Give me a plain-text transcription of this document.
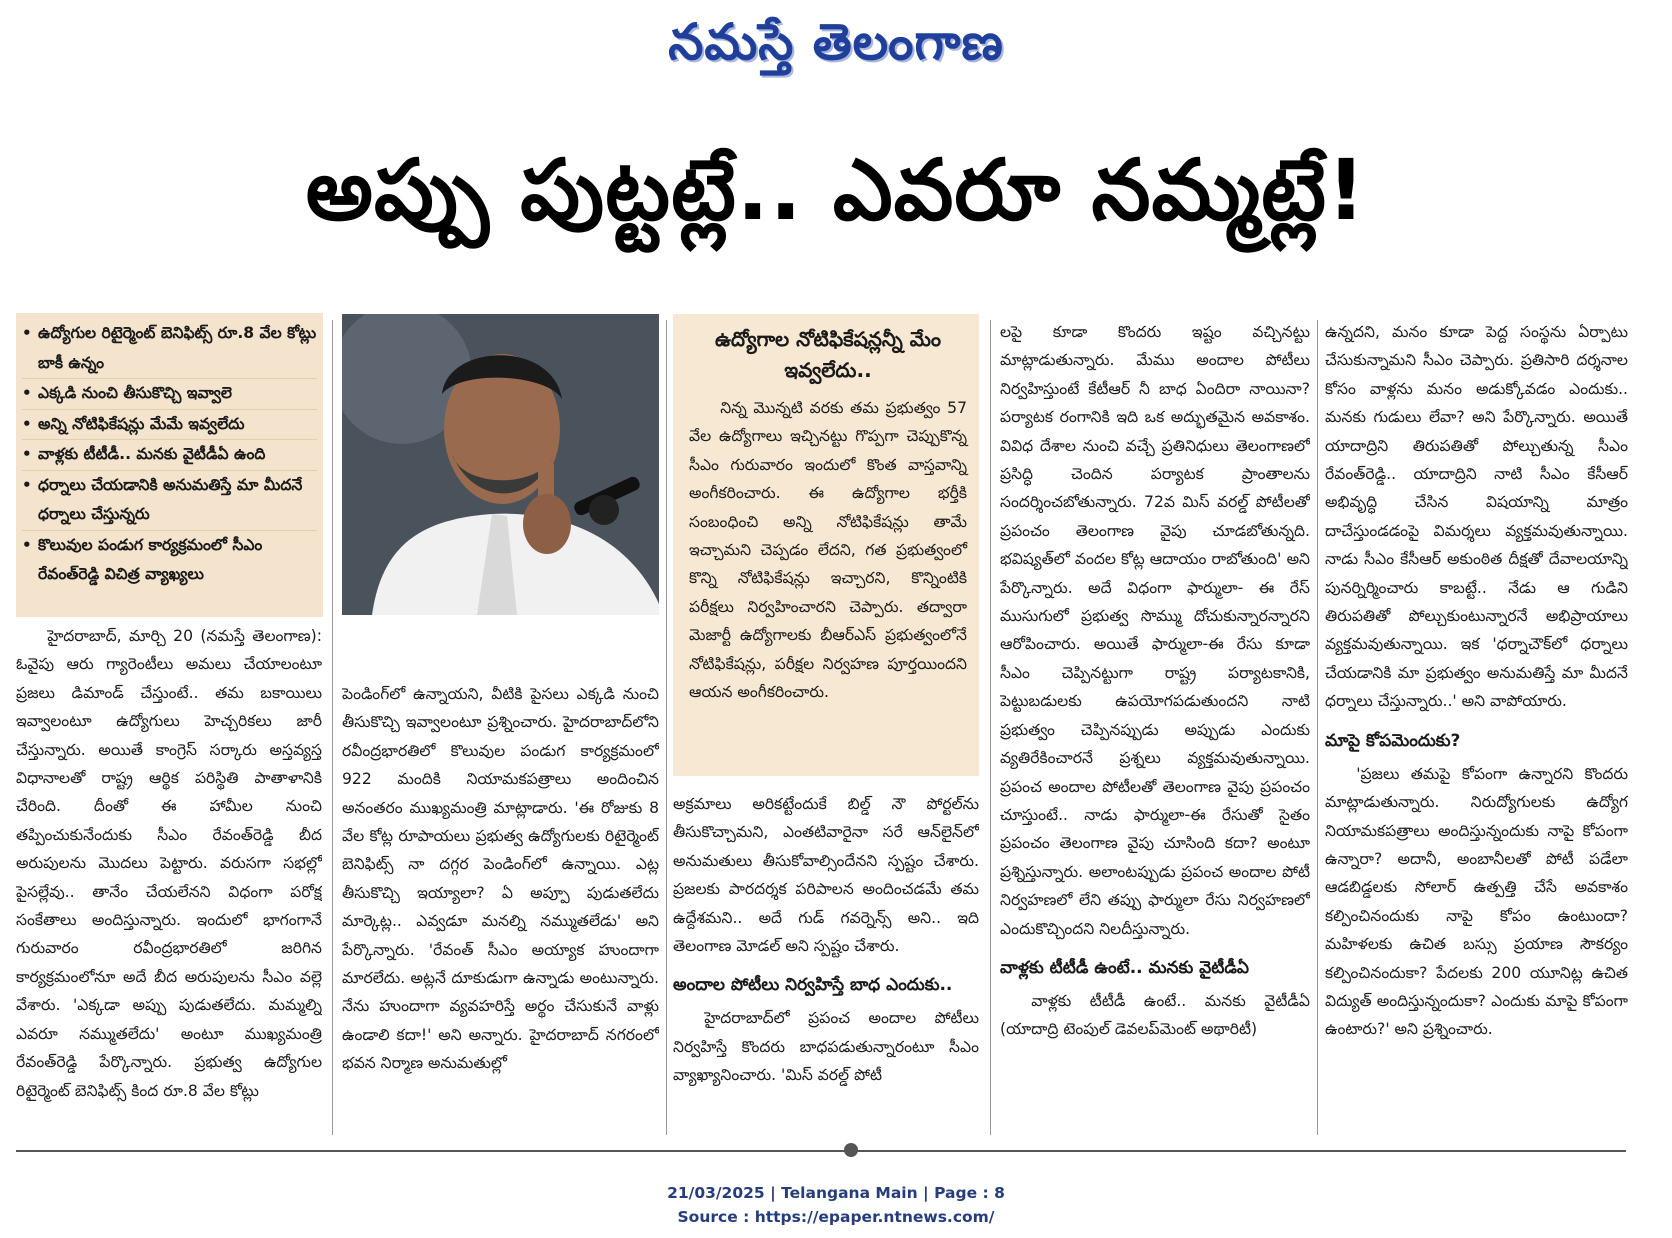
నమస్తే తెలంగాణ
అప్పు పుట్టట్లే.. ఎవరూ నమ్మట్లే!
• ఉద్యోగుల రిటైర్మెంట్ బెనిఫిట్స్ రూ.8 వేల కోట్లు బాకీ ఉన్నం
• ఎక్కడి నుంచి తీసుకొచ్చి ఇవ్వాలె
• అన్ని నోటిఫికేషన్లు మేమే ఇవ్వలేదు
• వాళ్లకు టీటీడీ.. మనకు వైటీడీఏ ఉంది
• ధర్నాలు చేయడానికి అనుమతిస్తే మా మీదనే ధర్నాలు చేస్తున్నరు
• కొలువుల పండుగ కార్యక్రమంలో సీఎం రేవంత్‌రెడ్డి విచిత్ర వ్యాఖ్యలు
ఉద్యోగాల నోటిఫికేషన్లన్నీ మేం ఇవ్వలేదు..

నిన్న మొన్నటి వరకు తమ ప్రభుత్వం 57 వేల ఉద్యోగాలు ఇచ్చినట్టు గొప్పగా చెప్పుకొన్న సీఎం గురువారం ఇందులో కొంత వాస్తవాన్ని అంగీకరించారు. ఈ ఉద్యోగాల భర్తీకి సంబంధించి అన్ని నోటిఫికేషన్లు తామే ఇచ్చామని చెప్పడం లేదని, గత ప్రభుత్వంలో కొన్ని నోటిఫికేషన్లు ఇచ్చారని, కొన్నింటికి పరీక్షలు నిర్వహించారని చెప్పారు. తద్వారా మెజార్టీ ఉద్యోగాలకు బీఆర్‌ఎస్ ప్రభుత్వంలోనే నోటిఫికేషన్లు, పరీక్షల నిర్వహణ పూర్తయిందని ఆయన అంగీకరించారు.

హైదరాబాద్, మార్చి 20 (నమస్తే తెలంగాణ): ఓవైపు ఆరు గ్యారెంటీలు అమలు చేయాలంటూ ప్రజలు డిమాండ్ చేస్తుంటే.. తమ బకాయిలు ఇవ్వాలంటూ ఉద్యోగులు హెచ్చరికలు జారీ చేస్తున్నారు. అయితే కాంగ్రెస్ సర్కారు అస్తవ్యస్త విధానాలతో రాష్ట్ర ఆర్థిక పరిస్థితి పాతాళానికి చేరింది. దీంతో ఈ హామీల నుంచి తప్పించుకునేందుకు సీఎం రేవంత్‌రెడ్డి బీద అరుపులను మొదలు పెట్టారు. వరుసగా సభల్లో పైసల్లేవు.. తానేం చేయలేనని విధంగా పరోక్ష సంకేతాలు అందిస్తున్నారు. ఇందులో భాగంగానే గురువారం రవీంద్రభారతిలో జరిగిన కార్యక్రమంలోనూ అదే బీద అరుపులను సీఎం వల్లె వేశారు. 'ఎక్కడా అప్పు పుడుతలేదు. మమ్మల్ని ఎవరూ నమ్ముతలేదు' అంటూ ముఖ్యమంత్రి రేవంత్‌రెడ్డి పేర్కొన్నారు. ప్రభుత్వ ఉద్యోగుల రిటైర్మెంట్ బెనిఫిట్స్ కింద రూ.8 వేల కోట్లు

పెండింగ్‌లో ఉన్నాయని, వీటికి పైసలు ఎక్కడి నుంచి తీసుకొచ్చి ఇవ్వాలంటూ ప్రశ్నించారు. హైదరాబాద్‌లోని రవీంద్రభారతిలో కొలువుల పండుగ కార్యక్రమంలో 922 మందికి నియామకపత్రాలు అందించిన అనంతరం ముఖ్యమంత్రి మాట్లాడారు. 'ఈ రోజుకు 8 వేల కోట్ల రూపాయలు ప్రభుత్వ ఉద్యోగులకు రిటైర్మెంట్ బెనిఫిట్స్ నా దగ్గర పెండింగ్‌లో ఉన్నాయి. ఎట్ల తీసుకొచ్చి ఇయ్యాలా? ఏ అప్పూ పుడుతలేదు మార్కెట్ల.. ఎవ్వడూ మనల్ని నమ్ముతలేడు' అని పేర్కొన్నారు. 'రేవంత్ సీఎం అయ్యాక హుందాగా మారలేదు. అట్లనే దూకుడుగా ఉన్నాడు అంటున్నారు. నేను హుందాగా వ్యవహరిస్తే అర్థం చేసుకునే వాళ్లు ఉండాలి కదా!' అని అన్నారు. హైదరాబాద్ నగరంలో భవన నిర్మాణ అనుమతుల్లో

అక్రమాలు అరికట్టేందుకే బిల్డ్ నౌ పోర్టల్‌ను తీసుకొచ్చామని, ఎంతటివారైనా సరే ఆన్‌లైన్‌లో అనుమతులు తీసుకోవాల్సిందేనని స్పష్టం చేశారు. ప్రజలకు పారదర్శక పరిపాలన అందించడమే తమ ఉద్దేశమని.. అదే గుడ్ గవర్నెన్స్ అని.. ఇది తెలంగాణ మోడల్ అని స్పష్టం చేశారు.

అందాల పోటీలు నిర్వహిస్తే బాధ ఎందుకు..

హైదరాబాద్‌లో ప్రపంచ అందాల పోటీలు నిర్వహిస్తే కొందరు బాధపడుతున్నారంటూ సీఎం వ్యాఖ్యానించారు. 'మిస్ వరల్డ్ పోటీ

లపై కూడా కొందరు ఇష్టం వచ్చినట్టు మాట్లాడుతున్నారు. మేము అందాల పోటీలు నిర్వహిస్తుంటే కేటీఆర్ నీ బాధ ఏందిరా నాయినా? పర్యాటక రంగానికి ఇది ఒక అద్భుతమైన అవకాశం. వివిధ దేశాల నుంచి వచ్చే ప్రతినిధులు తెలంగాణలో ప్రసిద్ధి చెందిన పర్యాటక ప్రాంతాలను సందర్శించబోతున్నారు. 72వ మిస్ వరల్డ్ పోటీలతో ప్రపంచం తెలంగాణ వైపు చూడబోతున్నది. భవిష్యత్‌లో వందల కోట్ల ఆదాయం రాబోతుంది' అని పేర్కొన్నారు. అదే విధంగా ఫార్ములా- ఈ రేస్ ముసుగులో ప్రభుత్వ సొమ్ము దోచుకున్నారన్నారని ఆరోపించారు. అయితే ఫార్ములా-ఈ రేసు కూడా సీఎం చెప్పినట్టుగా రాష్ట్ర పర్యాటకానికి, పెట్టుబడులకు ఉపయోగపడుతుందని నాటి ప్రభుత్వం చెప్పినప్పుడు అప్పుడు ఎందుకు వ్యతిరేకించారనే ప్రశ్నలు వ్యక్తమవుతున్నాయి. ప్రపంచ అందాల పోటీలతో తెలంగాణ వైపు ప్రపంచం చూస్తుంటే.. నాడు ఫార్ములా-ఈ రేసుతో సైతం ప్రపంచం తెలంగాణ వైపు చూసింది కదా? అంటూ ప్రశ్నిస్తున్నారు. అలాంటప్పుడు ప్రపంచ అందాల పోటీ నిర్వహణలో లేని తప్పు ఫార్ములా రేసు నిర్వహణలో ఎందుకొచ్చిందని నిలదీస్తున్నారు.

వాళ్లకు టీటీడీ ఉంటే.. మనకు వైటీడీఏ

వాళ్లకు టీటీడీ ఉంటే.. మనకు వైటీడీఏ (యాదాద్రి టెంపుల్ డెవలప్‌మెంట్ అథారిటీ)

ఉన్నదని, మనం కూడా పెద్ద సంస్థను ఏర్పాటు చేసుకున్నామని సీఎం చెప్పారు. ప్రతిసారి దర్శనాల కోసం వాళ్లను మనం అడుక్కోవడం ఎందుకు.. మనకు గుడులు లేవా? అని పేర్కొన్నారు. అయితే యాదాద్రిని తిరుపతితో పోల్చుతున్న సీఎం రేవంత్‌రెడ్డి.. యాదాద్రిని నాటి సీఎం కేసీఆర్ అభివృద్ధి చేసిన విషయాన్ని మాత్రం దాచేస్తుండడంపై విమర్శలు వ్యక్తమవుతున్నాయి. నాడు సీఎం కేసీఆర్ అకుంఠిత దీక్షతో దేవాలయాన్ని పునర్నిర్మించారు కాబట్టే.. నేడు ఆ గుడిని తిరుపతితో పోల్చుకుంటున్నారనే అభిప్రాయాలు వ్యక్తమవుతున్నాయి. ఇక 'ధర్నాచౌక్‌లో ధర్నాలు చేయడానికి మా ప్రభుత్వం అనుమతిస్తే మా మీదనే ధర్నాలు చేస్తున్నారు..' అని వాపోయారు.

మాపై కోపమెందుకు?

'ప్రజలు తమపై కోపంగా ఉన్నారని కొందరు మాట్లాడుతున్నారు. నిరుద్యోగులకు ఉద్యోగ నియామకపత్రాలు అందిస్తున్నందుకు నాపై కోపంగా ఉన్నారా? అదానీ, అంబానీలతో పోటీ పడేలా ఆడబిడ్డలకు సోలార్ ఉత్పత్తి చేసే అవకాశం కల్పించినందుకు నాపై కోపం ఉంటుందా? మహిళలకు ఉచిత బస్సు ప్రయాణ సౌకర్యం కల్పించినందుకా? పేదలకు 200 యూనిట్ల ఉచిత విద్యుత్ అందిస్తున్నందుకా? ఎందుకు మాపై కోపంగా ఉంటారు?' అని ప్రశ్నించారు.

21/03/2025 | Telangana Main | Page : 8
Source : https://epaper.ntnews.com/
